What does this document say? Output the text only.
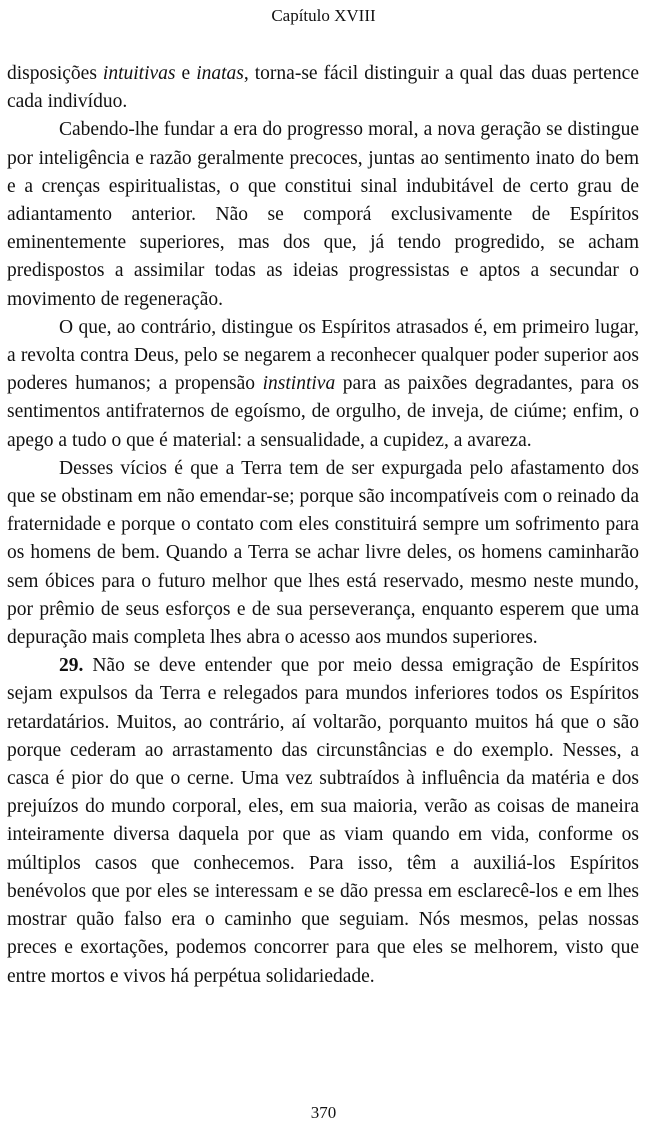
Capítulo XVIII

disposições intuitivas e inatas, torna-se fácil distinguir a qual das duas pertence cada indivíduo.

Cabendo-lhe fundar a era do progresso moral, a nova geração se distingue por inteligência e razão geralmente precoces, juntas ao sentimento inato do bem e a crenças espiritualistas, o que constitui sinal indubitável de certo grau de adiantamento anterior. Não se comporá exclusivamente de Espíritos eminentemente superiores, mas dos que, já tendo progredido, se acham predispostos a assimilar todas as ideias progressistas e aptos a secundar o movimento de regeneração.

O que, ao contrário, distingue os Espíritos atrasados é, em primeiro lugar, a revolta contra Deus, pelo se negarem a reconhecer qualquer poder superior aos poderes humanos; a propensão instintiva para as paixões degradantes, para os sentimentos antifraternos de egoísmo, de orgulho, de inveja, de ciúme; enfim, o apego a tudo o que é material: a sensualidade, a cupidez, a avareza.

Desses vícios é que a Terra tem de ser expurgada pelo afastamento dos que se obstinam em não emendar-se; porque são incompatíveis com o reinado da fraternidade e porque o contato com eles constituirá sempre um sofrimento para os homens de bem. Quando a Terra se achar livre deles, os homens caminharão sem óbices para o futuro melhor que lhes está reservado, mesmo neste mundo, por prêmio de seus esforços e de sua perseverança, enquanto esperem que uma depuração mais completa lhes abra o acesso aos mundos superiores.

29. Não se deve entender que por meio dessa emigração de Espíritos sejam expulsos da Terra e relegados para mundos inferiores todos os Espíritos retardatários. Muitos, ao contrário, aí voltarão, porquanto muitos há que o são porque cederam ao arrastamento das circunstâncias e do exemplo. Nesses, a casca é pior do que o cerne. Uma vez subtraídos à influência da matéria e dos prejuízos do mundo corporal, eles, em sua maioria, verão as coisas de maneira inteiramente diversa daquela por que as viam quando em vida, conforme os múltiplos casos que conhecemos. Para isso, têm a auxiliá-los Espíritos benévolos que por eles se interessam e se dão pressa em esclarecê-los e em lhes mostrar quão falso era o caminho que seguiam. Nós mesmos, pelas nossas preces e exortações, podemos concorrer para que eles se melhorem, visto que entre mortos e vivos há perpétua solidariedade.

370
